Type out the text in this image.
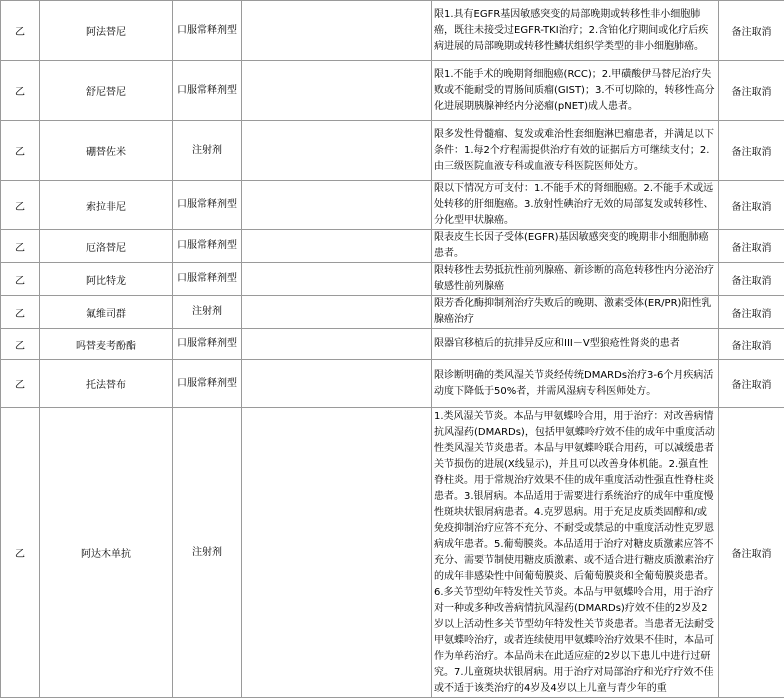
乙	阿法替尼	口服常释剂型		限1.具有EGFR基因敏感突变的局部晚期或转移性非小细胞肺癌，既往未接受过EGFR-TKI治疗；2.含铂化疗期间或化疗后疾病进展的局部晚期或转移性鳞状组织学类型的非小细胞肺癌。	备注取消
乙	舒尼替尼	口服常释剂型		限1.不能手术的晚期肾细胞癌(RCC)；2.甲磺酸伊马替尼治疗失败或不能耐受的胃肠间质瘤(GIST)；3.不可切除的，转移性高分化进展期胰腺神经内分泌瘤(pNET)成人患者。	备注取消
乙	硼替佐米	注射剂		限多发性骨髓瘤、复发或难治性套细胞淋巴瘤患者，并满足以下条件：1.每2个疗程需提供治疗有效的证据后方可继续支付；2.由三级医院血液专科或血液专科医院医师处方。	备注取消
乙	索拉非尼	口服常释剂型		限以下情况方可支付：1.不能手术的肾细胞癌。2.不能手术或远处转移的肝细胞癌。3.放射性碘治疗无效的局部复发或转移性、分化型甲状腺癌。	备注取消
乙	厄洛替尼	口服常释剂型		限表皮生长因子受体(EGFR)基因敏感突变的晚期非小细胞肺癌患者。	备注取消
乙	阿比特龙	口服常释剂型		限转移性去势抵抗性前列腺癌、新诊断的高危转移性内分泌治疗敏感性前列腺癌	备注取消
乙	氟维司群	注射剂		限芳香化酶抑制剂治疗失败后的晚期、激素受体(ER/PR)阳性乳腺癌治疗	备注取消
乙	吗替麦考酚酯	口服常释剂型		限器官移植后的抗排异反应和III－V型狼疮性肾炎的患者	备注取消
乙	托法替布	口服常释剂型		限诊断明确的类风湿关节炎经传统DMARDs治疗3-6个月疾病活动度下降低于50%者，并需风湿病专科医师处方。	备注取消
乙	阿达木单抗	注射剂		1.类风湿关节炎。本品与甲氨蝶呤合用，用于治疗：对改善病情抗风湿药(DMARDs)，包括甲氨蝶呤疗效不佳的成年中重度活动性类风湿关节炎患者。本品与甲氨蝶呤联合用药，可以减缓患者关节损伤的进展(X线显示)，并且可以改善身体机能。2.强直性脊柱炎。用于常规治疗效果不佳的成年重度活动性强直性脊柱炎患者。3.银屑病。本品适用于需要进行系统治疗的成年中重度慢性斑块状银屑病患者。4.克罗恩病。用于充足皮质类固醇和/或免疫抑制治疗应答不充分、不耐受或禁忌的中重度活动性克罗恩病成年患者。5.葡萄膜炎。本品适用于治疗对糖皮质激素应答不充分、需要节制使用糖皮质激素、或不适合进行糖皮质激素治疗的成年非感染性中间葡萄膜炎、后葡萄膜炎和全葡萄膜炎患者。6.多关节型幼年特发性关节炎。本品与甲氨蝶呤合用，用于治疗对一种或多种改善病情抗风湿药(DMARDs)疗效不佳的2岁及2岁以上活动性多关节型幼年特发性关节炎患者。当患者无法耐受甲氨蝶呤治疗，或者连续使用甲氨蝶呤治疗效果不佳时，本品可作为单药治疗。本品尚未在此适应症的2岁以下患儿中进行过研究。7.儿童斑块状银屑病。用于治疗对局部治疗和光疗疗效不佳或不适于该类治疗的4岁及4岁以上儿童与青少年的重	备注取消
